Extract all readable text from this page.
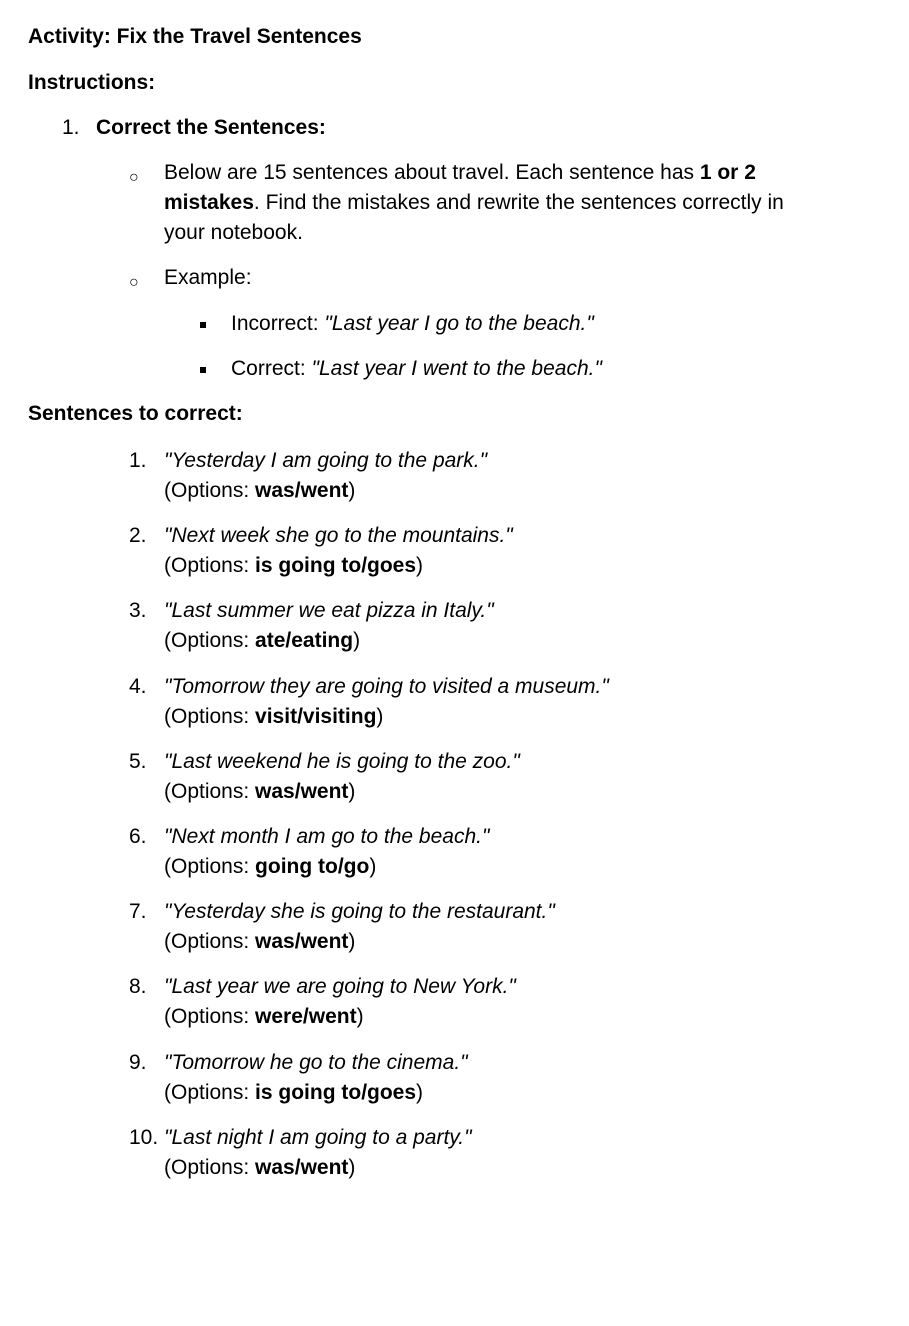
Activity: Fix the Travel Sentences
Instructions:
1. Correct the Sentences:
○ Below are 15 sentences about travel. Each sentence has 1 or 2
mistakes. Find the mistakes and rewrite the sentences correctly in
your notebook.
○ Example:
Incorrect: "Last year I go to the beach."
Correct: "Last year I went to the beach."
Sentences to correct:
1. "Yesterday I am going to the park."
(Options: was/went)
2. "Next week she go to the mountains."
(Options: is going to/goes)
3. "Last summer we eat pizza in Italy."
(Options: ate/eating)
4. "Tomorrow they are going to visited a museum."
(Options: visit/visiting)
5. "Last weekend he is going to the zoo."
(Options: was/went)
6. "Next month I am go to the beach."
(Options: going to/go)
7. "Yesterday she is going to the restaurant."
(Options: was/went)
8. "Last year we are going to New York."
(Options: were/went)
9. "Tomorrow he go to the cinema."
(Options: is going to/goes)
10. "Last night I am going to a party."
(Options: was/went)
